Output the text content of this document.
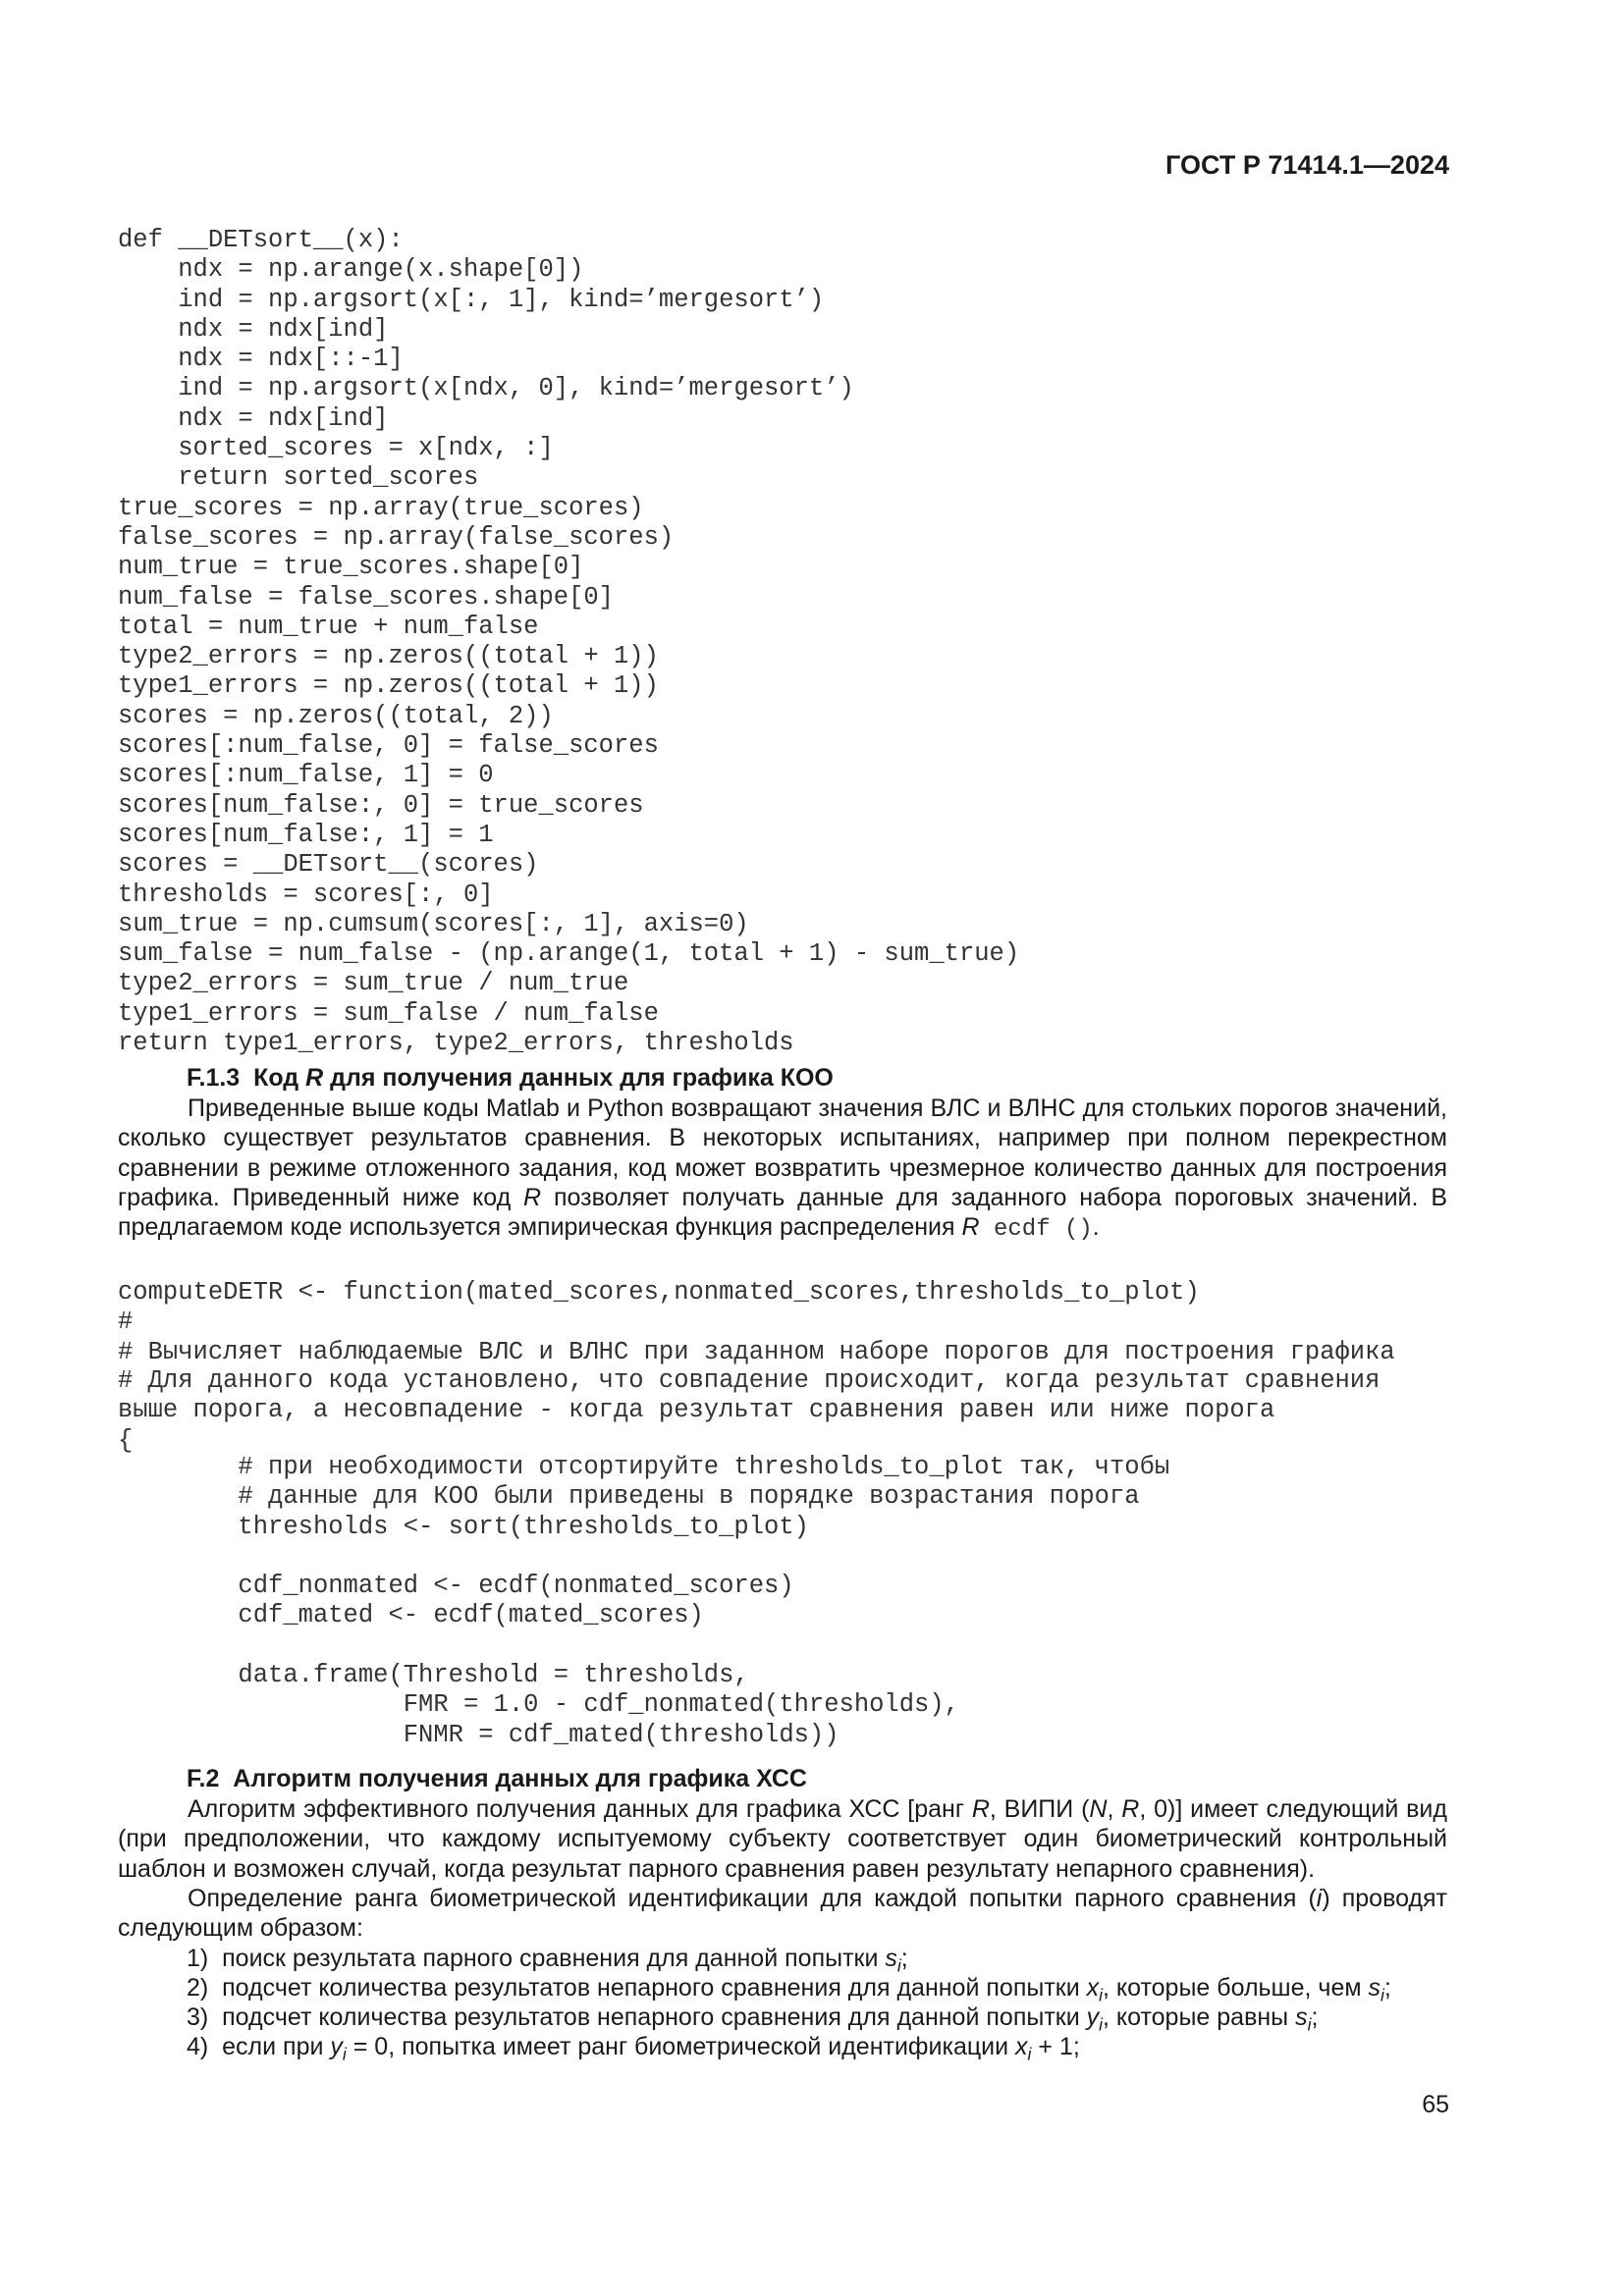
ГОСТ Р 71414.1—2024
def __DETsort__(x):
ndx = np.arange(x.shape[0])
ind = np.argsort(x[:, 1], kind=’mergesort’)
ndx = ndx[ind]
ndx = ndx[::-1]
ind = np.argsort(x[ndx, 0], kind=’mergesort’)
ndx = ndx[ind]
sorted_scores = x[ndx, :]
return sorted_scores
true_scores = np.array(true_scores)
false_scores = np.array(false_scores)
num_true = true_scores.shape[0]
num_false = false_scores.shape[0]
total = num_true + num_false
type2_errors = np.zeros((total + 1))
type1_errors = np.zeros((total + 1))
scores = np.zeros((total, 2))
scores[:num_false, 0] = false_scores
scores[:num_false, 1] = 0
scores[num_false:, 0] = true_scores
scores[num_false:, 1] = 1
scores = __DETsort__(scores)
thresholds = scores[:, 0]
sum_true = np.cumsum(scores[:, 1], axis=0)
sum_false = num_false - (np.arange(1, total + 1) - sum_true)
type2_errors = sum_true / num_true
type1_errors = sum_false / num_false
return type1_errors, type2_errors, thresholds
F.1.3 Код R для получения данных для графика КОО
Приведенные выше коды Matlab и Python возвращают значения ВЛС и ВЛНС для стольких порогов значений, сколько существует результатов сравнения. В некоторых испытаниях, например при полном перекрестном сравнении в режиме отложенного задания, код может возвратить чрезмерное количество данных для построения графика. Приведенный ниже код R позволяет получать данные для заданного набора пороговых значений. В предлагаемом коде используется эмпирическая функция распределения R ecdf ().
computeDETR <- function(mated_scores,nonmated_scores,thresholds_to_plot)
#
# Вычисляет наблюдаемые ВЛС и ВЛНС при заданном наборе порогов для построения графика
# Для данного кода установлено, что совпадение происходит, когда результат сравнения
выше порога, а несовпадение - когда результат сравнения равен или ниже порога
{
# при необходимости отсортируйте thresholds_to_plot так, чтобы
# данные для КОО были приведены в порядке возрастания порога
thresholds <- sort(thresholds_to_plot)

cdf_nonmated <- ecdf(nonmated_scores)
cdf_mated <- ecdf(mated_scores)

data.frame(Threshold = thresholds,
FMR = 1.0 - cdf_nonmated(thresholds),
FNMR = cdf_mated(thresholds))
F.2 Алгоритм получения данных для графика ХСС
Алгоритм эффективного получения данных для графика ХСС [ранг R, ВИПИ (N, R, 0)] имеет следующий вид (при предположении, что каждому испытуемому субъекту соответствует один биометрический контрольный шаблон и возможен случай, когда результат парного сравнения равен результату непарного сравнения).
Определение ранга биометрической идентификации для каждой попытки парного сравнения (i) проводят следующим образом:
1) поиск результата парного сравнения для данной попытки $s_i$;
2) подсчет количества результатов непарного сравнения для данной попытки $x_i$, которые больше, чем $s_i$;
3) подсчет количества результатов непарного сравнения для данной попытки $y_i$, которые равны $s_i$;
4) если при $y_i = 0$, попытка имеет ранг биометрической идентификации $x_i + 1$;
65
